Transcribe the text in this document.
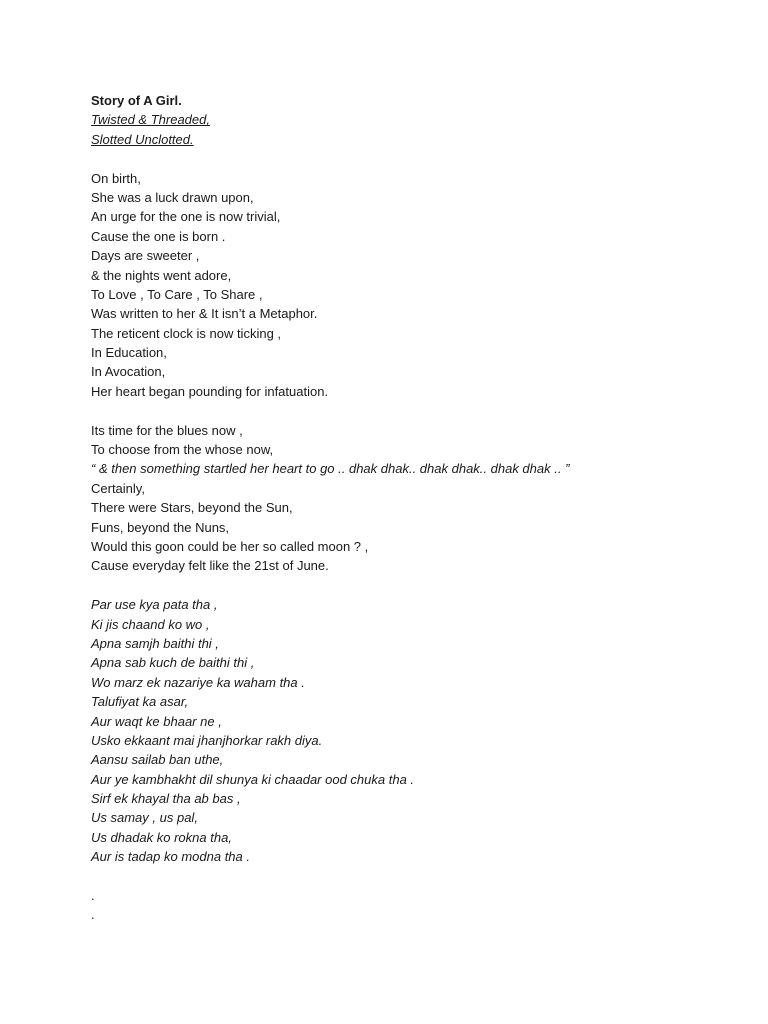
Story of A Girl.
Twisted & Threaded,
Slotted Unclotted.
On birth,
She was a luck drawn upon,
An urge for the one is now trivial,
Cause the one is born .
Days are sweeter ,
& the nights went adore,
To Love , To Care , To Share ,
Was written to her & It isn’t a Metaphor.
The reticent clock is now ticking ,
In Education,
In Avocation,
Her heart began pounding for infatuation.
Its time for the blues now ,
To choose from the whose now,
“ & then something startled her heart to go .. dhak dhak.. dhak dhak.. dhak dhak .. ”
Certainly,
There were Stars, beyond the Sun,
Funs, beyond the Nuns,
Would this goon could be her so called moon ? ,
Cause everyday felt like the 21st of June.
Par use kya pata tha ,
Ki jis chaand ko wo ,
Apna samjh baithi thi ,
Apna sab kuch de baithi thi ,
Wo marz ek nazariye ka waham tha .
Talufiyat ka asar,
Aur waqt ke bhaar ne ,
Usko ekkaant mai jhanjhorkar rakh diya.
Aansu sailab ban uthe,
Aur ye kambhakht dil shunya ki chaadar ood chuka tha .
Sirf ek khayal tha ab bas ,
Us samay , us pal,
Us dhadak ko rokna tha,
Aur is tadap ko modna tha .
.
.
